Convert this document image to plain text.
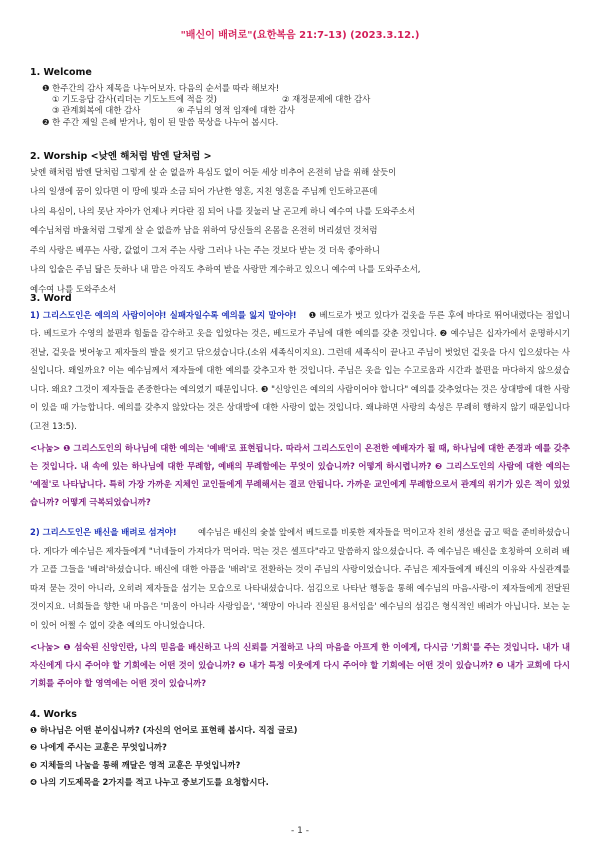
"배신이 배려로"(요한복음 21:7-13) (2023.3.12.)
1. Welcome
❶ 한주간의 감사 제목을 나누어보자. 다음의 순서를 따라 해보자!
① 기도응답 감사(리더는 기도노트에 적을 것)	② 재정문제에 대한 감사
③ 관계회복에 대한 감사	④ 주님의 영적 임재에 대한 감사
❷ 한 주간 제일 은혜 받거나, 힘이 된 말씀 묵상을 나누어 봅시다.
2. Worship <낮엔 해처럼 밤엔 달처럼 >
낮엔 해처럼 밤엔 달처럼 그렇게 살 순 없을까 욕심도 없이 어둔 세상 비추어 온전히 남을 위해 살듯이
나의 일생에 꿈이 있다면 이 땅에 빛과 소금 되어 가난한 영혼, 지친 영혼을 주님께 인도하고픈데
나의 욕심이, 나의 못난 자아가 언제나 커다란 짐 되어 나를 짓눌러 날 곤고케 하니 예수여 나를 도와주소서
예수님처럼 바울처럼 그렇게 살 순 없을까 남을 위하여 당신들의 온몸을 온전히 버리셨던 것처럼
주의 사랑은 베푸는 사랑, 값없이 그저 주는 사랑 그러나 나는 주는 것보다 받는 것 더욱 좋아하니
나의 입술은 주님 닮은 듯하나 내 맘은 아직도 추하여 받을 사랑만 계수하고 있으니 예수여 나를 도와주소서,
예수여 나를 도와주소서
3. Word
1) 그리스도인은 예의의 사람이어야! 실패자일수록 예의를 잃지 말아야! ❶ 베드로가 벗고 있다가 겉옷을 두른 후에 바다로 뛰어내렸다는 점입니다. 베드로가 수영의 불편과 힘듦을 감수하고 옷을 입었다는 것은, 베드로가 주님에 대한 예의를 갖춘 것입니다. ❷ 예수님은 십자가에서 운명하시기 전날, 겉옷을 벗어놓고 제자들의 발을 씻기고 닦으셨습니다.(소위 세족식이지요). 그런데 세족식이 끝나고 주님이 벗었던 겉옷을 다시 입으셨다는 사실입니다. 왜일까요? 이는 예수님께서 제자들에 대한 예의를 갖추고자 한 것입니다. 주님은 옷을 입는 수고로움과 시간과 불편을 마다하지 않으셨습니다. 왜요? 그것이 제자들을 존중한다는 예의였기 때문입니다. ❸ "신앙인은 예의의 사람이어야 합니다" 예의를 갖추었다는 것은 상대방에 대한 사랑이 있을 때 가능합니다. 예의를 갖추지 않았다는 것은 상대방에 대한 사랑이 없는 것입니다. 왜냐하면 사랑의 속성은 무례히 행하지 않기 때문입니다(고전 13:5).
<나눔> ❶ 그리스도인의 하나님에 대한 예의는 '예배'로 표현됩니다. 따라서 그리스도인이 온전한 예배자가 될 때, 하나님에 대한 존경과 예를 갖추는 것입니다. 내 속에 있는 하나님에 대한 무례함, 예배의 무례함에는 무엇이 있습니까? 어떻게 하시렵니까? ❷ 그리스도인의 사람에 대한 예의는 '예절'로 나타납니다. 특히 가장 가까운 지체인 교인들에게 무례해서는 결코 안됩니다. 가까운 교인에게 무례함으로서 관계의 위기가 있은 적이 있었습니까? 어떻게 극복되었습니까?
2) 그리스도인은 배신을 배려로 섬겨야!	예수님은 배신의 숯불 앞에서 베드로를 비롯한 제자들을 먹이고자 친히 생선을 굽고 떡을 준비하셨습니다. 게다가 예수님은 제자들에게 "너네들이 가져다가 먹어라. 먹는 것은 셀프다"라고 말씀하지 않으셨습니다. 즉 예수님은 배신을 호칭하여 오히려 배가 고플 그들을 '배려'하셨습니다. 배신에 대한 아픔을 '배려'로 전환하는 것이 주님의 사랑이었습니다. 주님은 제자들에게 배신의 이유와 사실관계를 따져 묻는 것이 아니라, 오히려 제자들을 섬기는 모습으로 나타내셨습니다. 섬김으로 나타난 행동을 통해 예수님의 마음-사랑-이 제자들에게 전달된 것이지요. 너희들을 향한 내 마음은 '미움이 아니라 사랑임을', '책망이 아니라 진실된 용서임을' 예수님의 섬김은 형식적인 배려가 아닙니다. 보는 눈이 있어 어쩔 수 없이 갖춘 예의도 아니었습니다.
<나눔> ❶ 섬숙된 신앙인란, 나의 믿음을 배신하고 나의 신뢰를 거절하고 나의 마음을 아프게 한 이에게, 다시금 '기회'를 주는 것입니다. 내가 내 자신에게 다시 주어야 할 기회에는 어떤 것이 있습니까? ❷ 내가 특정 이웃에게 다시 주어야 할 기회에는 어떤 것이 있습니까? ❸ 내가 교회에 다시 기회를 주어야 할 영역에는 어떤 것이 있습니까?
4. Works
❶ 하나님은 어떤 분이십니까? (자신의 언어로 표현해 봅시다. 직접 글로)
❷ 나에게 주시는 교훈은 무엇입니까?
❸ 지체들의 나눔을 통해 깨달은 영적 교훈은 무엇입니까?
❹ 나의 기도제목을 2가지를 적고 나누고 중보기도를 요청합시다.
- 1 -
